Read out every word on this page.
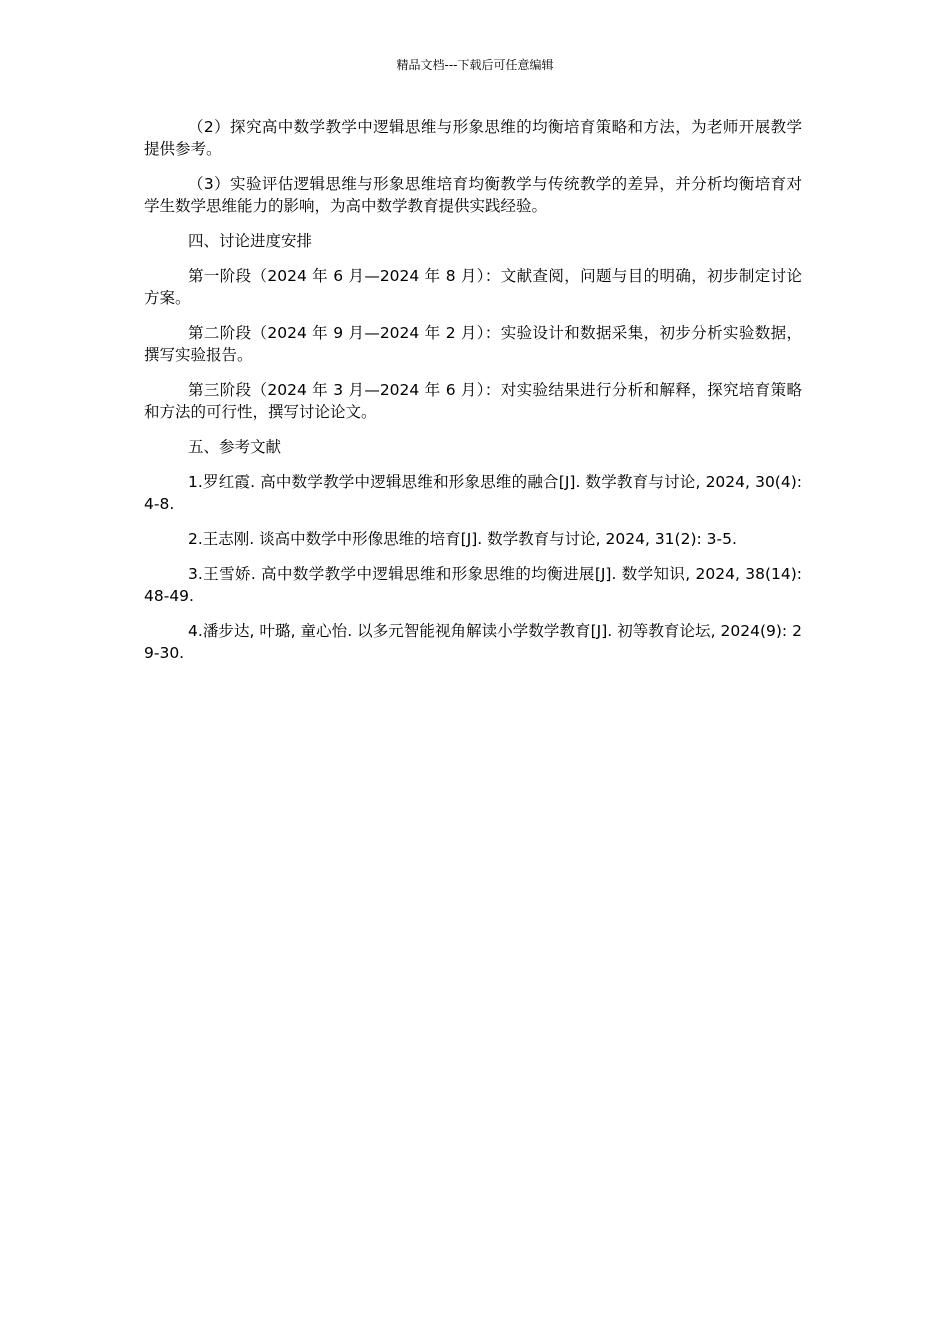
精品文档---下载后可任意编辑

（2）探究高中数学教学中逻辑思维与形象思维的均衡培育策略和方法，为老师开展教学提供参考。

（3）实验评估逻辑思维与形象思维培育均衡教学与传统教学的差异，并分析均衡培育对学生数学思维能力的影响，为高中数学教育提供实践经验。

四、讨论进度安排

第一阶段（2024 年 6 月—2024 年 8 月）：文献查阅，问题与目的明确，初步制定讨论方案。

第二阶段（2024 年 9 月—2024 年 2 月）：实验设计和数据采集，初步分析实验数据，撰写实验报告。

第三阶段（2024 年 3 月—2024 年 6 月）：对实验结果进行分析和解释，探究培育策略和方法的可行性，撰写讨论论文。

五、参考文献

1.罗红霞. 高中数学教学中逻辑思维和形象思维的融合[J]. 数学教育与讨论, 2024, 30(4): 4-8.

2.王志刚. 谈高中数学中形像思维的培育[J]. 数学教育与讨论, 2024, 31(2): 3-5.

3.王雪娇. 高中数学教学中逻辑思维和形象思维的均衡进展[J]. 数学知识, 2024, 38(14): 48-49.

4.潘步达, 叶璐, 童心怡. 以多元智能视角解读小学数学教育[J]. 初等教育论坛, 2024(9): 29-30.
